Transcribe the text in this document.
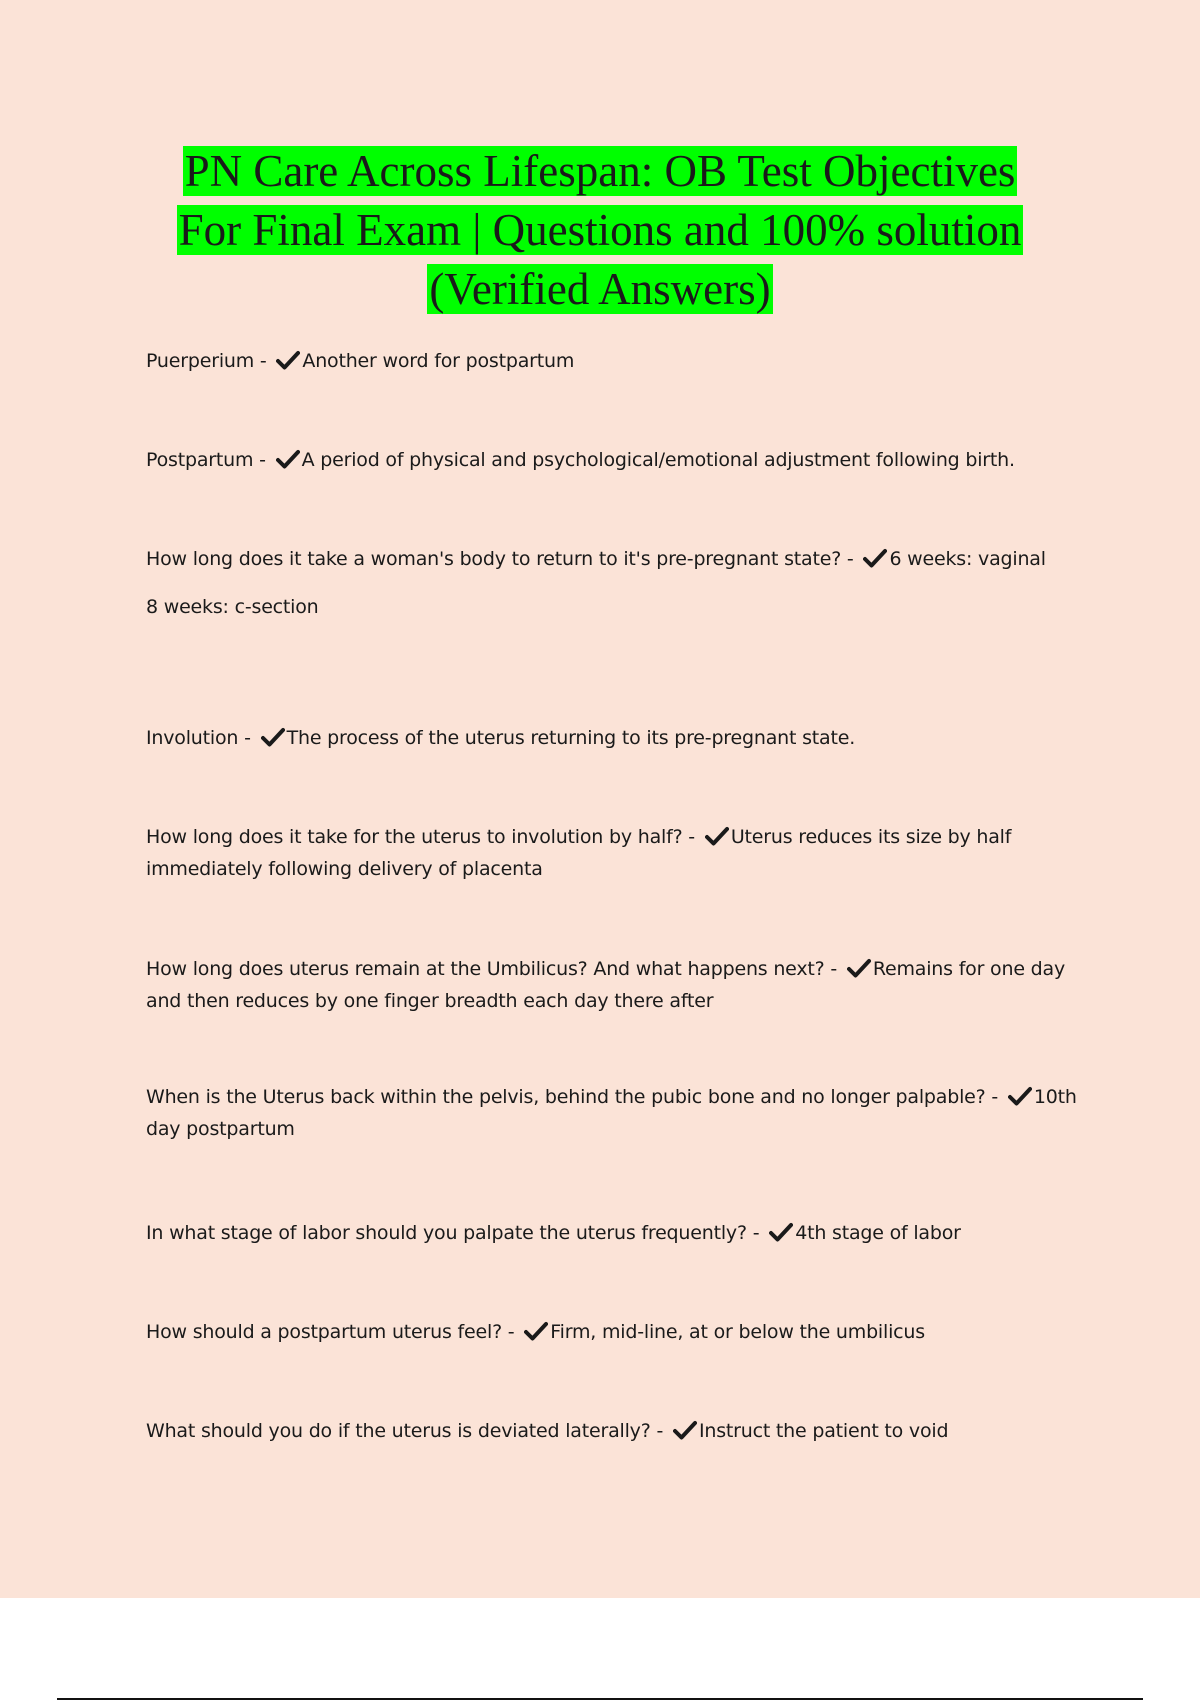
PN Care Across Lifespan: OB Test Objectives
For Final Exam | Questions and 100% solution
(Verified Answers)

Puerperium - Another word for postpartum

Postpartum - A period of physical and psychological/emotional adjustment following birth.

How long does it take a woman's body to return to it's pre-pregnant state? - 6 weeks: vaginal

8 weeks: c-section

Involution - The process of the uterus returning to its pre-pregnant state.

How long does it take for the uterus to involution by half? - Uterus reduces its size by half immediately following delivery of placenta

How long does uterus remain at the Umbilicus? And what happens next? - Remains for one day and then reduces by one finger breadth each day there after

When is the Uterus back within the pelvis, behind the pubic bone and no longer palpable? - 10th day postpartum

In what stage of labor should you palpate the uterus frequently? - 4th stage of labor

How should a postpartum uterus feel? - Firm, mid-line, at or below the umbilicus

What should you do if the uterus is deviated laterally? - Instruct the patient to void
